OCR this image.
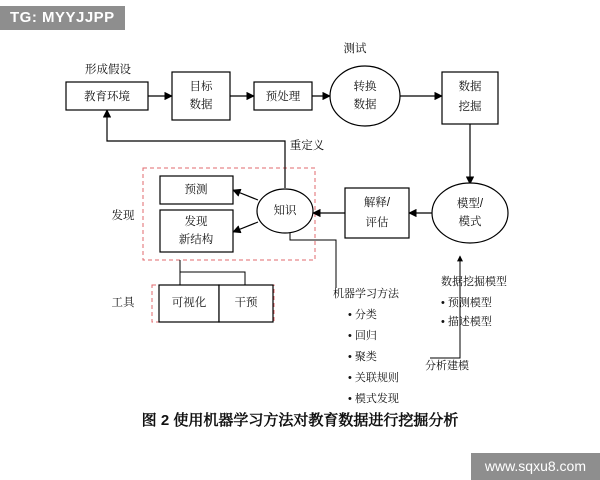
TG: MYYJJPP
www.sqxu8.com
教育环境
目标
数据
预处理
转换
数据
数据
挖掘
模型/
模式
解释/
评估
知识
预测
发现
新结构
可视化 干预
形成假设
测试
重定义
发现
工具
机器学习方法
• 分类
• 回归
• 聚类
• 关联规则
• 模式发现
数据挖掘模型
• 预测模型
• 描述模型
分析建模
图 2 使用机器学习方法对教育数据进行挖掘分析
